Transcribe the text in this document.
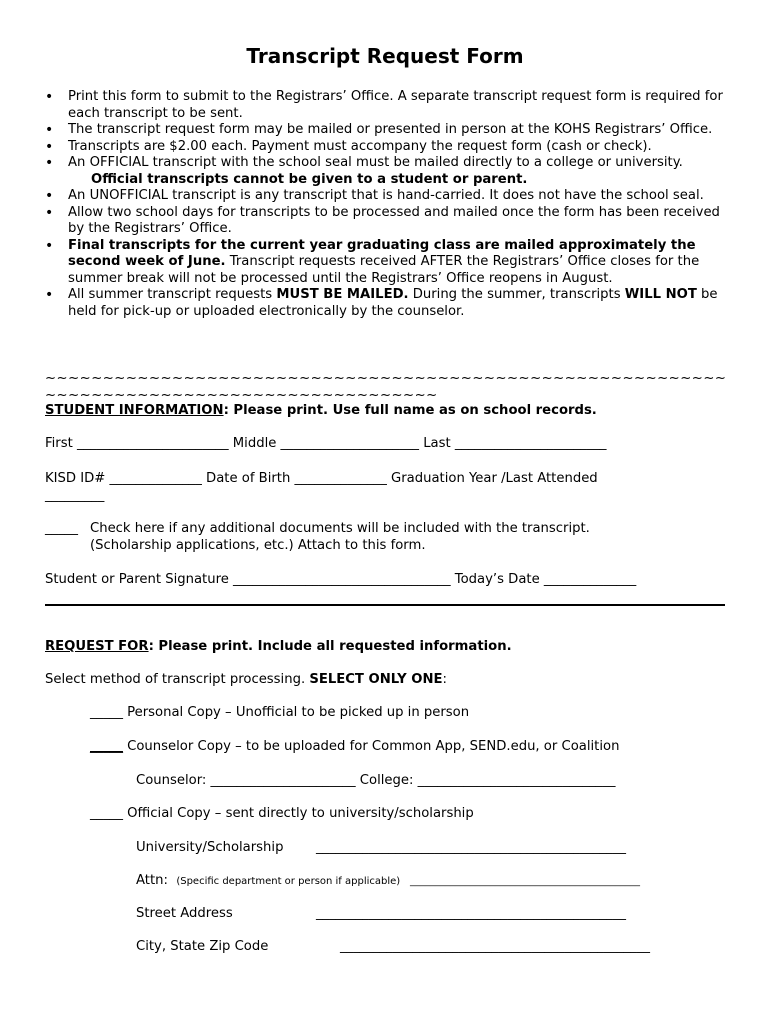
Transcript Request Form
• Print this form to submit to the Registrars’ Office. A separate transcript request form is required for each transcript to be sent.
• The transcript request form may be mailed or presented in person at the KOHS Registrars’ Office.
• Transcripts are $2.00 each. Payment must accompany the request form (cash or check).
• An OFFICIAL transcript with the school seal must be mailed directly to a college or university.
Official transcripts cannot be given to a student or parent.
• An UNOFFICIAL transcript is any transcript that is hand-carried. It does not have the school seal.
• Allow two school days for transcripts to be processed and mailed once the form has been received by the Registrars’ Office.
• Final transcripts for the current year graduating class are mailed approximately the second week of June. Transcript requests received AFTER the Registrars’ Office closes for the summer break will not be processed until the Registrars’ Office reopens in August.
• All summer transcript requests MUST BE MAILED. During the summer, transcripts WILL NOT be held for pick-up or uploaded electronically by the counselor.
~~~~~~~~~~~~~~~~~~~~~~~~~~~~~~~~~~~~~~~~~~~~~~~~~~~~~~~~~~~~~~~~~~~~~~~~~~~~~~~~~~~~~~~~~~~~~
STUDENT INFORMATION: Please print. Use full name as on school records.
First _______________________ Middle _____________________ Last _______________________
KISD ID# ______________ Date of Birth ______________ Graduation Year /Last Attended
_________
_____ Check here if any additional documents will be included with the transcript.
(Scholarship applications, etc.) Attach to this form.
Student or Parent Signature _________________________________ Today’s Date ______________
REQUEST FOR: Please print. Include all requested information.
Select method of transcript processing. SELECT ONLY ONE:
_____ Personal Copy – Unofficial to be picked up in person
_____ Counselor Copy – to be uploaded for Common App, SEND.edu, or Coalition
Counselor: ______________________ College: ______________________________
_____ Official Copy – sent directly to university/scholarship
University/Scholarship _______________________________________________
Attn: (Specific department or person if applicable) ______________________________________________
Street Address	_______________________________________________
City, State Zip Code	_______________________________________________
